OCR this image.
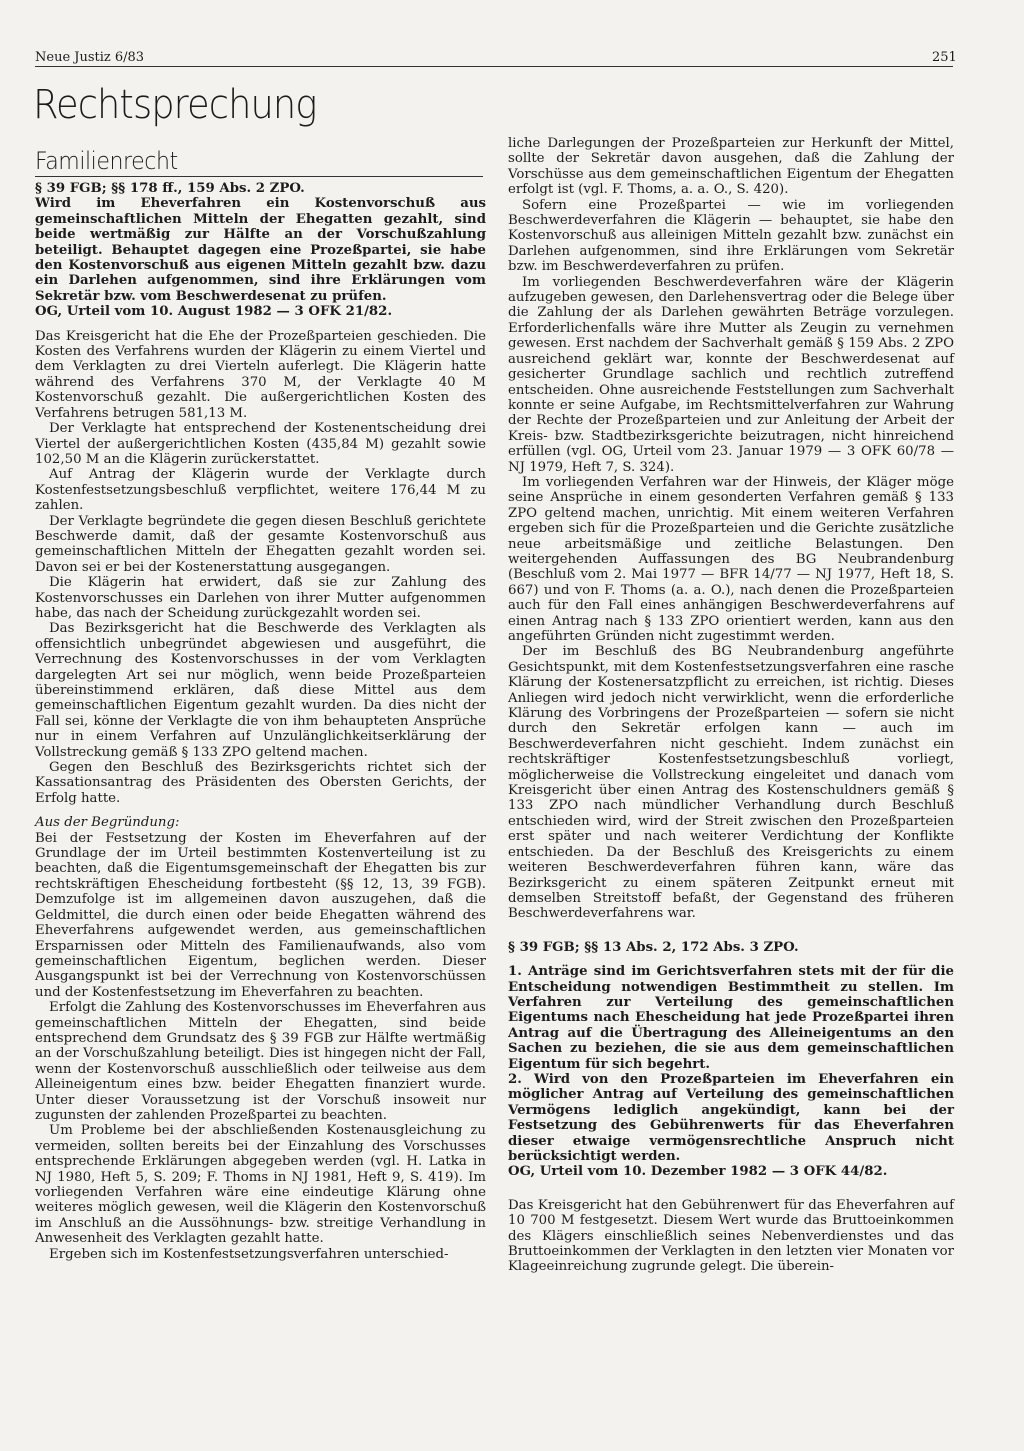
Neue Justiz 6/83	251
Rechtsprechung
Familienrecht

§ 39 FGB; §§ 178 ff., 159 Abs. 2 ZPO.

Wird im Eheverfahren ein Kostenvorschuß aus gemeinschaftlichen Mitteln der Ehegatten gezahlt, sind beide wertmäßig zur Hälfte an der Vorschußzahlung beteiligt. Behauptet dagegen eine Prozeßpartei, sie habe den Kostenvorschuß aus eigenen Mitteln gezahlt bzw. dazu ein Darlehen aufgenommen, sind ihre Erklärungen vom Sekretär bzw. vom Beschwerdesenat zu prüfen.

OG, Urteil vom 10. August 1982 — 3 OFK 21/82.

Das Kreisgericht hat die Ehe der Prozeßparteien geschieden. Die Kosten des Verfahrens wurden der Klägerin zu einem Viertel und dem Verklagten zu drei Vierteln auferlegt. Die Klägerin hatte während des Verfahrens 370 M, der Verklagte 40 M Kostenvorschuß gezahlt. Die außergerichtlichen Kosten des Verfahrens betrugen 581,13 M.

Der Verklagte hat entsprechend der Kostenentscheidung drei Viertel der außergerichtlichen Kosten (435,84 M) gezahlt sowie 102,50 M an die Klägerin zurückerstattet.

Auf Antrag der Klägerin wurde der Verklagte durch Kostenfestsetzungsbeschluß verpflichtet, weitere 176,44 M zu zahlen.

Der Verklagte begründete die gegen diesen Beschluß gerichtete Beschwerde damit, daß der gesamte Kostenvorschuß aus gemeinschaftlichen Mitteln der Ehegatten gezahlt worden sei. Davon sei er bei der Kostenerstattung ausgegangen.

Die Klägerin hat erwidert, daß sie zur Zahlung des Kostenvorschusses ein Darlehen von ihrer Mutter aufgenommen habe, das nach der Scheidung zurückgezahlt worden sei.

Das Bezirksgericht hat die Beschwerde des Verklagten als offensichtlich unbegründet abgewiesen und ausgeführt, die Verrechnung des Kostenvorschusses in der vom Verklagten dargelegten Art sei nur möglich, wenn beide Prozeßparteien übereinstimmend erklären, daß diese Mittel aus dem gemeinschaftlichen Eigentum gezahlt wurden. Da dies nicht der Fall sei, könne der Verklagte die von ihm behaupteten Ansprüche nur in einem Verfahren auf Unzulänglichkeitserklärung der Vollstreckung gemäß § 133 ZPO geltend machen.

Gegen den Beschluß des Bezirksgerichts richtet sich der Kassationsantrag des Präsidenten des Obersten Gerichts, der Erfolg hatte.

Aus der Begründung:

Bei der Festsetzung der Kosten im Eheverfahren auf der Grundlage der im Urteil bestimmten Kostenverteilung ist zu beachten, daß die Eigentumsgemeinschaft der Ehegatten bis zur rechtskräftigen Ehescheidung fortbesteht (§§ 12, 13, 39 FGB). Demzufolge ist im allgemeinen davon auszugehen, daß die Geldmittel, die durch einen oder beide Ehegatten während des Eheverfahrens aufgewendet werden, aus gemeinschaftlichen Ersparnissen oder Mitteln des Familienaufwands, also vom gemeinschaftlichen Eigentum, beglichen werden. Dieser Ausgangspunkt ist bei der Verrechnung von Kostenvorschüssen und der Kostenfestsetzung im Eheverfahren zu beachten.

Erfolgt die Zahlung des Kostenvorschusses im Eheverfahren aus gemeinschaftlichen Mitteln der Ehegatten, sind beide entsprechend dem Grundsatz des § 39 FGB zur Hälfte wertmäßig an der Vorschußzahlung beteiligt. Dies ist hingegen nicht der Fall, wenn der Kostenvorschuß ausschließlich oder teilweise aus dem Alleineigentum eines bzw. beider Ehegatten finanziert wurde. Unter dieser Voraussetzung ist der Vorschuß insoweit nur zugunsten der zahlenden Prozeßpartei zu beachten.

Um Probleme bei der abschließenden Kostenausgleichung zu vermeiden, sollten bereits bei der Einzahlung des Vorschusses entsprechende Erklärungen abgegeben werden (vgl. H. Latka in NJ 1980, Heft 5, S. 209; F. Thoms in NJ 1981, Heft 9, S. 419). Im vorliegenden Verfahren wäre eine eindeutige Klärung ohne weiteres möglich gewesen, weil die Klägerin den Kostenvorschuß im Anschluß an die Aussöhnungs- bzw. streitige Verhandlung in Anwesenheit des Verklagten gezahlt hatte.

Ergeben sich im Kostenfestsetzungsverfahren unterschied-

liche Darlegungen der Prozeßparteien zur Herkunft der Mittel, sollte der Sekretär davon ausgehen, daß die Zahlung der Vorschüsse aus dem gemeinschaftlichen Eigentum der Ehegatten erfolgt ist (vgl. F. Thoms, a. a. O., S. 420).

Sofern eine Prozeßpartei — wie im vorliegenden Beschwerdeverfahren die Klägerin — behauptet, sie habe den Kostenvorschuß aus alleinigen Mitteln gezahlt bzw. zunächst ein Darlehen aufgenommen, sind ihre Erklärungen vom Sekretär bzw. im Beschwerdeverfahren zu prüfen.

Im vorliegenden Beschwerdeverfahren wäre der Klägerin aufzugeben gewesen, den Darlehensvertrag oder die Belege über die Zahlung der als Darlehen gewährten Beträge vorzulegen. Erforderlichenfalls wäre ihre Mutter als Zeugin zu vernehmen gewesen. Erst nachdem der Sachverhalt gemäß § 159 Abs. 2 ZPO ausreichend geklärt war, konnte der Beschwerdesenat auf gesicherter Grundlage sachlich und rechtlich zutreffend entscheiden. Ohne ausreichende Feststellungen zum Sachverhalt konnte er seine Aufgabe, im Rechtsmittelverfahren zur Wahrung der Rechte der Prozeßparteien und zur Anleitung der Arbeit der Kreis- bzw. Stadtbezirksgerichte beizutragen, nicht hinreichend erfüllen (vgl. OG, Urteil vom 23. Januar 1979 — 3 OFK 60/78 — NJ 1979, Heft 7, S. 324).

Im vorliegenden Verfahren war der Hinweis, der Kläger möge seine Ansprüche in einem gesonderten Verfahren gemäß § 133 ZPO geltend machen, unrichtig. Mit einem weiteren Verfahren ergeben sich für die Prozeßparteien und die Gerichte zusätzliche neue arbeitsmäßige und zeitliche Belastungen. Den weitergehenden Auffassungen des BG Neubrandenburg (Beschluß vom 2. Mai 1977 — BFR 14/77 — NJ 1977, Heft 18, S. 667) und von F. Thoms (a. a. O.), nach denen die Prozeßparteien auch für den Fall eines anhängigen Beschwerdeverfahrens auf einen Antrag nach § 133 ZPO orientiert werden, kann aus den angeführten Gründen nicht zugestimmt werden.

Der im Beschluß des BG Neubrandenburg angeführte Gesichtspunkt, mit dem Kostenfestsetzungsverfahren eine rasche Klärung der Kostenersatzpflicht zu erreichen, ist richtig. Dieses Anliegen wird jedoch nicht verwirklicht, wenn die erforderliche Klärung des Vorbringens der Prozeßparteien — sofern sie nicht durch den Sekretär erfolgen kann — auch im Beschwerdeverfahren nicht geschieht. Indem zunächst ein rechtskräftiger Kostenfestsetzungsbeschluß vorliegt, möglicherweise die Vollstreckung eingeleitet und danach vom Kreisgericht über einen Antrag des Kostenschuldners gemäß § 133 ZPO nach mündlicher Verhandlung durch Beschluß entschieden wird, wird der Streit zwischen den Prozeßparteien erst später und nach weiterer Verdichtung der Konflikte entschieden. Da der Beschluß des Kreisgerichts zu einem weiteren Beschwerdeverfahren führen kann, wäre das Bezirksgericht zu einem späteren Zeitpunkt erneut mit demselben Streitstoff befaßt, der Gegenstand des früheren Beschwerdeverfahrens war.

§ 39 FGB; §§ 13 Abs. 2, 172 Abs. 3 ZPO.

1. Anträge sind im Gerichtsverfahren stets mit der für die Entscheidung notwendigen Bestimmtheit zu stellen. Im Verfahren zur Verteilung des gemeinschaftlichen Eigentums nach Ehescheidung hat jede Prozeßpartei ihren Antrag auf die Übertragung des Alleineigentums an den Sachen zu beziehen, die sie aus dem gemeinschaftlichen Eigentum für sich begehrt.

2. Wird von den Prozeßparteien im Eheverfahren ein möglicher Antrag auf Verteilung des gemeinschaftlichen Vermögens lediglich angekündigt, kann bei der Festsetzung des Gebührenwerts für das Eheverfahren dieser etwaige vermögensrechtliche Anspruch nicht berücksichtigt werden.

OG, Urteil vom 10. Dezember 1982 — 3 OFK 44/82.

Das Kreisgericht hat den Gebührenwert für das Eheverfahren auf 10 700 M festgesetzt. Diesem Wert wurde das Bruttoeinkommen des Klägers einschließlich seines Nebenverdienstes und das Bruttoeinkommen der Verklagten in den letzten vier Monaten vor Klageeinreichung zugrunde gelegt. Die überein-
